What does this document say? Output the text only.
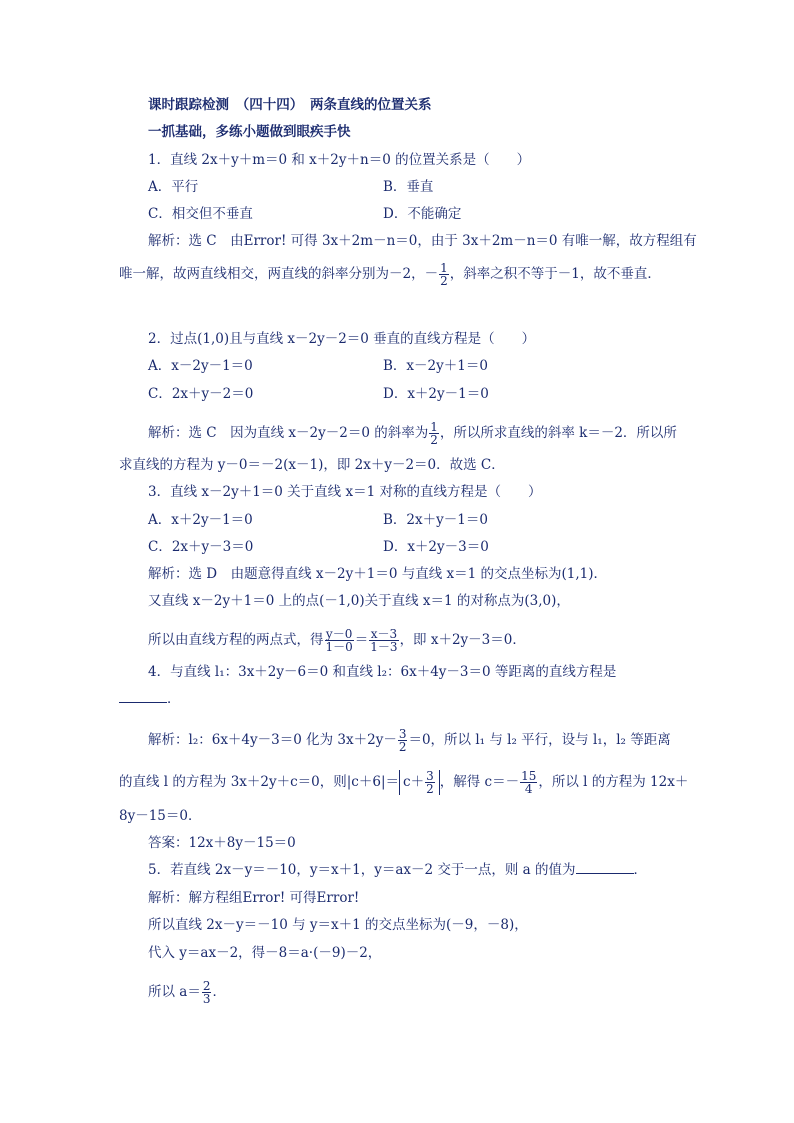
课时跟踪检测　（四十四）　两条直线的位置关系
一抓基础，多练小题做到眼疾手快
1．直线 2x＋y＋m＝0 和 x＋2y＋n＝0 的位置关系是（　　）
A．平行	B．垂直
C．相交但不垂直	D．不能确定
解析：选 C　由Error! 可得 3x＋2m－n＝0，由于 3x＋2m－n＝0 有唯一解，故方程组有
唯一解，故两直线相交，两直线的斜率分别为－2，－ $\frac{1}{2}$ ，斜率之积不等于－1，故不垂直．
2．过点(1,0)且与直线 x－2y－2＝0 垂直的直线方程是（　　）
A．x－2y－1＝0	B．x－2y＋1＝0
C．2x＋y－2＝0	D．x＋2y－1＝0
解析：选 C　因为直线 x－2y－2＝0 的斜率为 $\frac{1}{2}$ ，所以所求直线的斜率 k＝－2．所以所
求直线的方程为 y－0＝－2(x－1)，即 2x＋y－2＝0．故选 C．
3．直线 x－2y＋1＝0 关于直线 x＝1 对称的直线方程是（　　）
A．x＋2y－1＝0	B．2x＋y－1＝0
C．2x＋y－3＝0	D．x＋2y－3＝0
解析：选 D　由题意得直线 x－2y＋1＝0 与直线 x＝1 的交点坐标为(1,1)．
又直线 x－2y＋1＝0 上的点(－1,0)关于直线 x＝1 的对称点为(3,0)，
所以由直线方程的两点式，得 $\frac{y-0}{1-0} = \frac{x-3}{1-3}$ ，即 x＋2y－3＝0．
4．与直线 l₁：3x＋2y－6＝0 和直线 l₂：6x＋4y－3＝0 等距离的直线方程是
．
解析：l₂：6x＋4y－3＝0 化为 $3x+2y- \frac{3}{2} =0$，所以 l₁ 与 l₂ 平行，设与 l₁，l₂ 等距离
的直线 l 的方程为 3x＋2y＋c＝0，则$|c+6|= c+ \frac{3}{2}$ ，解得 $c=- \frac{15}{4}$ ，所以 l 的方程为 12x＋
8y－15＝0．
答案：12x＋8y－15＝0
5．若直线 2x－y＝－10，y＝x＋1，y＝ax－2 交于一点，则 a 的值为	．
解析：解方程组Error! 可得Error!
所以直线 2x－y＝－10 与 y＝x＋1 的交点坐标为(－9，－8)，
代入 y＝ax－2，得－8＝a·(－9)－2，
所以 $a= \frac{2}{3}$ ．
